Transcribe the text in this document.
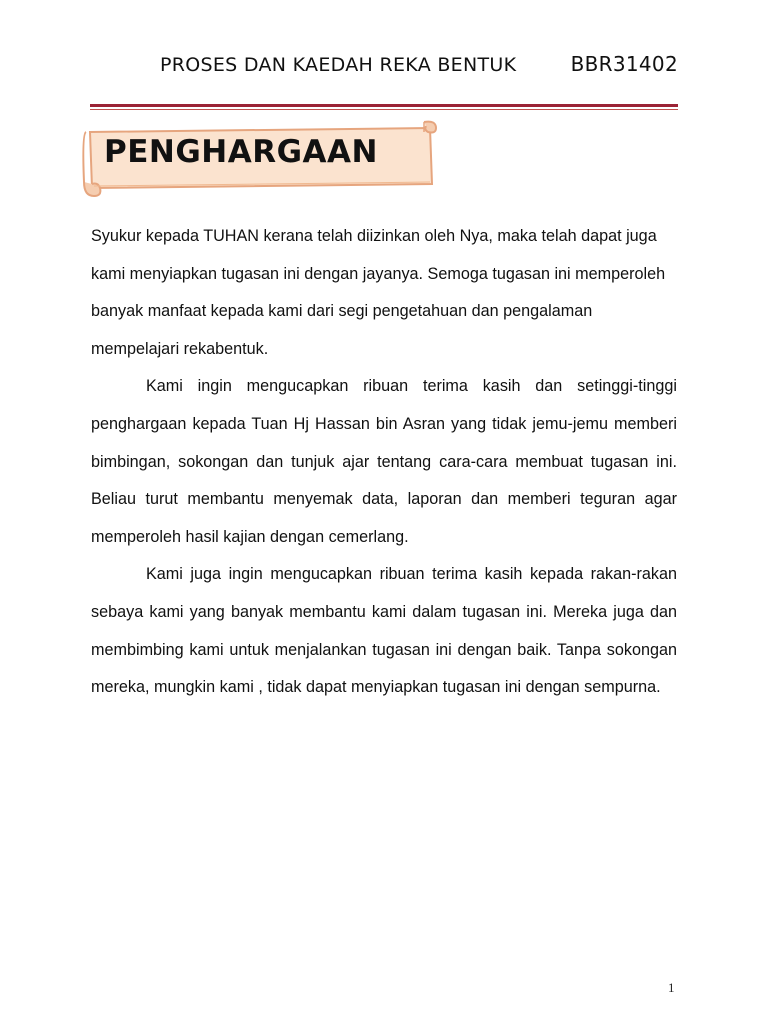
PROSES DAN KAEDAH REKA BENTUK	BBR31402
PENGHARGAAN

Syukur kepada TUHAN kerana telah diizinkan oleh Nya, maka telah dapat juga kami menyiapkan tugasan ini dengan jayanya. Semoga tugasan ini memperoleh banyak manfaat kepada kami dari segi pengetahuan dan pengalaman mempelajari rekabentuk.

Kami ingin mengucapkan ribuan terima kasih dan setinggi-tinggi penghargaan kepada Tuan Hj Hassan bin Asran yang tidak jemu-jemu memberi bimbingan, sokongan dan tunjuk ajar tentang cara-cara membuat tugasan ini. Beliau turut membantu menyemak data, laporan dan memberi teguran agar memperoleh hasil kajian dengan cemerlang.

Kami juga ingin mengucapkan ribuan terima kasih kepada rakan-rakan sebaya kami yang banyak membantu kami dalam tugasan ini. Mereka juga dan membimbing kami untuk menjalankan tugasan ini dengan baik. Tanpa sokongan mereka, mungkin kami , tidak dapat menyiapkan tugasan ini dengan sempurna.

1
